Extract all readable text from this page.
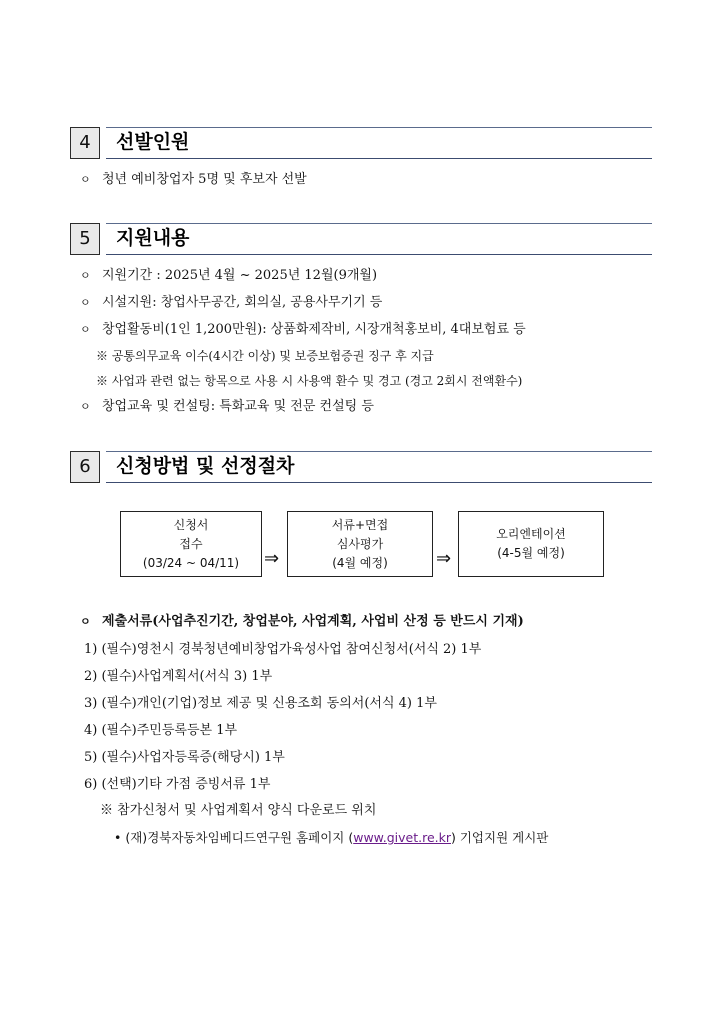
4	선발인원
ㅇ 청년 예비창업자 5명 및 후보자 선발
5	지원내용
ㅇ 지원기간 : 2025년 4월 ~ 2025년 12월(9개월)
ㅇ 시설지원: 창업사무공간, 회의실, 공용사무기기 등
ㅇ 창업활동비(1인 1,200만원): 상품화제작비, 시장개척홍보비, 4대보험료 등
※ 공통의무교육 이수(4시간 이상) 및 보증보험증권 징구 후 지급
※ 사업과 관련 없는 항목으로 사용 시 사용액 환수 및 경고 (경고 2회시 전액환수)
ㅇ 창업교육 및 컨설팅: 특화교육 및 전문 컨설팅 등
6	신청방법 및 선정절차
신청서
접수
(03/24 ~ 04/11)	⇒
서류+면접
심사평가
(4월 예정)	⇒
오리엔테이션
(4-5월 예정)
ㅇ 제출서류(사업추진기간, 창업분야, 사업계획, 사업비 산정 등 반드시 기재)
1) (필수)영천시 경북청년예비창업가육성사업 참여신청서(서식 2) 1부
2) (필수)사업계획서(서식 3) 1부
3) (필수)개인(기업)정보 제공 및 신용조회 동의서(서식 4) 1부
4) (필수)주민등록등본 1부
5) (필수)사업자등록증(해당시) 1부
6) (선택)기타 가점 증빙서류 1부
※ 참가신청서 및 사업계획서 양식 다운로드 위치
• (재)경북자동차임베디드연구원 홈페이지 (www.givet.re.kr) 기업지원 게시판
